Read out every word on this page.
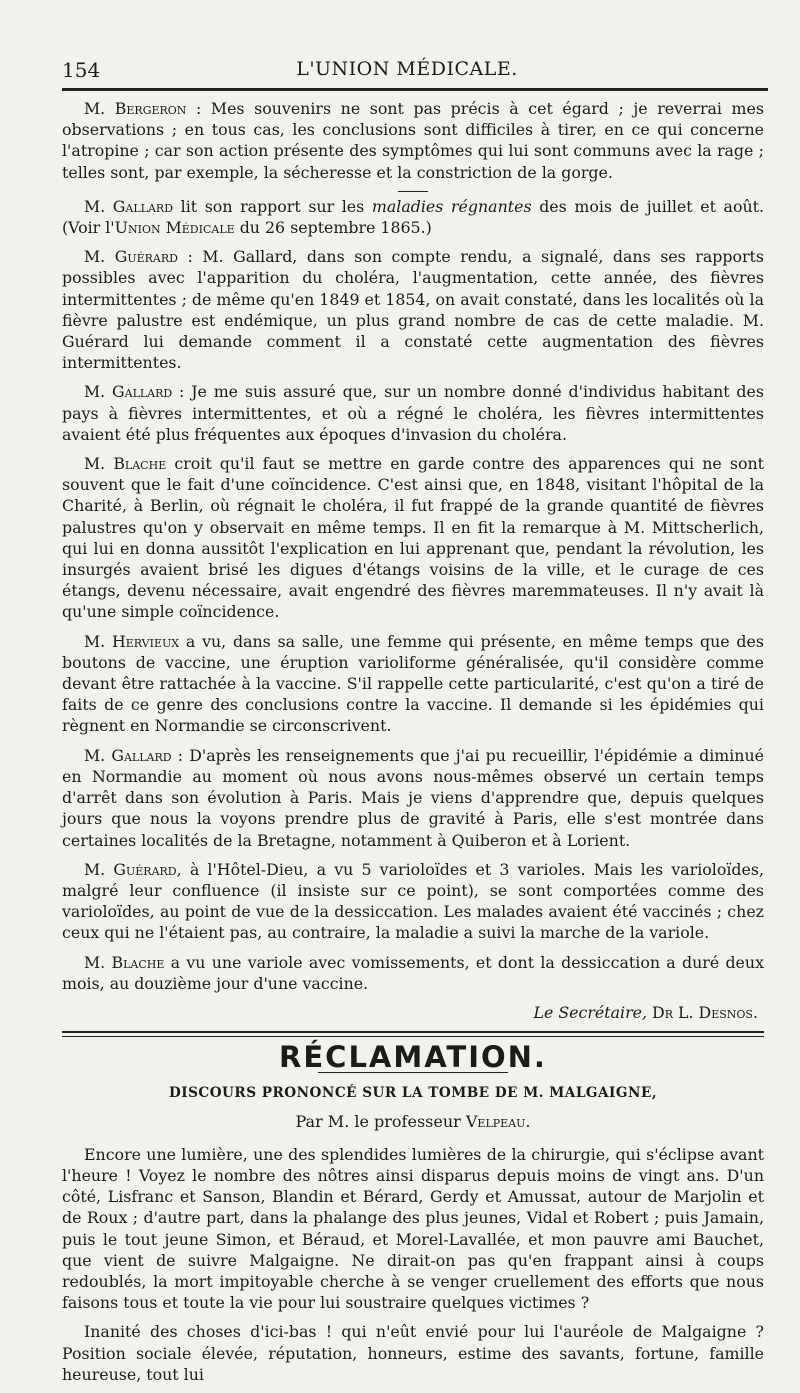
154	L'UNION MÉDICALE.

M. Bergeron : Mes souvenirs ne sont pas précis à cet égard ; je reverrai mes observations ; en tous cas, les conclusions sont difficiles à tirer, en ce qui concerne l'atropine ; car son action présente des symptômes qui lui sont communs avec la rage ; telles sont, par exemple, la sécheresse et la constriction de la gorge.

M. Gallard lit son rapport sur les maladies régnantes des mois de juillet et août. (Voir l'Union Médicale du 26 septembre 1865.)

M. Guérard : M. Gallard, dans son compte rendu, a signalé, dans ses rapports possibles avec l'apparition du choléra, l'augmentation, cette année, des fièvres intermittentes ; de même qu'en 1849 et 1854, on avait constaté, dans les localités où la fièvre palustre est endémique, un plus grand nombre de cas de cette maladie. M. Guérard lui demande comment il a constaté cette augmentation des fièvres intermittentes.

M. Gallard : Je me suis assuré que, sur un nombre donné d'individus habitant des pays à fièvres intermittentes, et où a régné le choléra, les fièvres intermittentes avaient été plus fréquentes aux époques d'invasion du choléra.

M. Blache croit qu'il faut se mettre en garde contre des apparences qui ne sont souvent que le fait d'une coïncidence. C'est ainsi que, en 1848, visitant l'hôpital de la Charité, à Berlin, où régnait le choléra, il fut frappé de la grande quantité de fièvres palustres qu'on y observait en même temps. Il en fit la remarque à M. Mittscherlich, qui lui en donna aussitôt l'explication en lui apprenant que, pendant la révolution, les insurgés avaient brisé les digues d'étangs voisins de la ville, et le curage de ces étangs, devenu nécessaire, avait engendré des fièvres maremmateuses. Il n'y avait là qu'une simple coïncidence.

M. Hervieux a vu, dans sa salle, une femme qui présente, en même temps que des boutons de vaccine, une éruption varioliforme généralisée, qu'il considère comme devant être rattachée à la vaccine. S'il rappelle cette particularité, c'est qu'on a tiré de faits de ce genre des conclusions contre la vaccine. Il demande si les épidémies qui règnent en Normandie se circonscrivent.

M. Gallard : D'après les renseignements que j'ai pu recueillir, l'épidémie a diminué en Normandie au moment où nous avons nous-mêmes observé un certain temps d'arrêt dans son évolution à Paris. Mais je viens d'apprendre que, depuis quelques jours que nous la voyons prendre plus de gravité à Paris, elle s'est montrée dans certaines localités de la Bretagne, notamment à Quiberon et à Lorient.

M. Guérard, à l'Hôtel-Dieu, a vu 5 varioloïdes et 3 varioles. Mais les varioloïdes, malgré leur confluence (il insiste sur ce point), se sont comportées comme des varioloïdes, au point de vue de la dessiccation. Les malades avaient été vaccinés ; chez ceux qui ne l'étaient pas, au contraire, la maladie a suivi la marche de la variole.

M. Blache a vu une variole avec vomissements, et dont la dessiccation a duré deux mois, au douzième jour d'une vaccine.

Le Secrétaire, Dr L. Desnos.
RÉCLAMATION.
DISCOURS PRONONCÉ SUR LA TOMBE DE M. MALGAIGNE,
Par M. le professeur Velpeau.

Encore une lumière, une des splendides lumières de la chirurgie, qui s'éclipse avant l'heure ! Voyez le nombre des nôtres ainsi disparus depuis moins de vingt ans. D'un côté, Lisfranc et Sanson, Blandin et Bérard, Gerdy et Amussat, autour de Marjolin et de Roux ; d'autre part, dans la phalange des plus jeunes, Vidal et Robert ; puis Jamain, puis le tout jeune Simon, et Béraud, et Morel-Lavallée, et mon pauvre ami Bauchet, que vient de suivre Malgaigne. Ne dirait-on pas qu'en frappant ainsi à coups redoublés, la mort impitoyable cherche à se venger cruellement des efforts que nous faisons tous et toute la vie pour lui soustraire quelques victimes ?

Inanité des choses d'ici-bas ! qui n'eût envié pour lui l'auréole de Malgaigne ? Position sociale élevée, réputation, honneurs, estime des savants, fortune, famille heureuse, tout lui
